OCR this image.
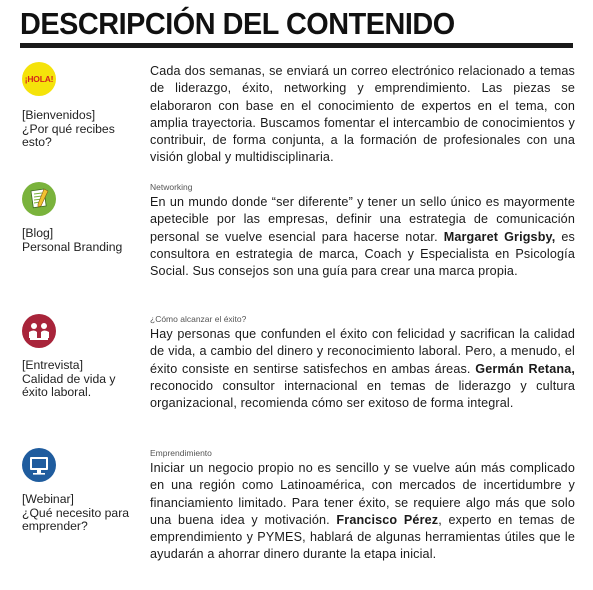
DESCRIPCIÓN DEL CONTENIDO
¡HOLA!
[Bienvenidos]
¿Por qué recibes
esto?
Cada dos semanas, se enviará un correo electrónico relacionado a temas de liderazgo, éxito, networking y emprendimiento. Las piezas se elaboraron con base en el conocimiento de expertos en el tema, con amplia trayectoria. Buscamos fomentar el intercambio de conocimientos y contribuir, de forma conjunta, a la formación de profesionales con una visión global y multidisciplinaria.
[Blog]
Personal Branding
Networking
En un mundo donde “ser diferente” y tener un sello único es mayormente apetecible por las empresas, definir una estrategia de comunicación personal se vuelve esencial para hacerse notar. Margaret Grigsby, es consultora en estrategia de marca, Coach y Especialista en Psicología Social. Sus consejos son una guía para crear una marca propia.
[Entrevista]
Calidad de vida y
éxito laboral.
¿Cómo alcanzar el éxito?
Hay personas que confunden el éxito con felicidad y sacrifican la calidad de vida, a cambio del dinero y reconocimiento laboral. Pero, a menudo, el éxito consiste en sentirse satisfechos en ambas áreas. Germán Retana, reconocido consultor internacional en temas de liderazgo y cultura organizacional, recomienda cómo ser exitoso de forma integral.
[Webinar]
¿Qué necesito para
emprender?
Emprendimiento
Iniciar un negocio propio no es sencillo y se vuelve aún más complicado en una región como Latinoamérica, con mercados de incertidumbre y financiamiento limitado. Para tener éxito, se requiere algo más que solo una buena idea y motivación. Francisco Pérez, experto en temas de emprendimiento y PYMES, hablará de algunas herramientas útiles que le ayudarán a ahorrar dinero durante la etapa inicial.
